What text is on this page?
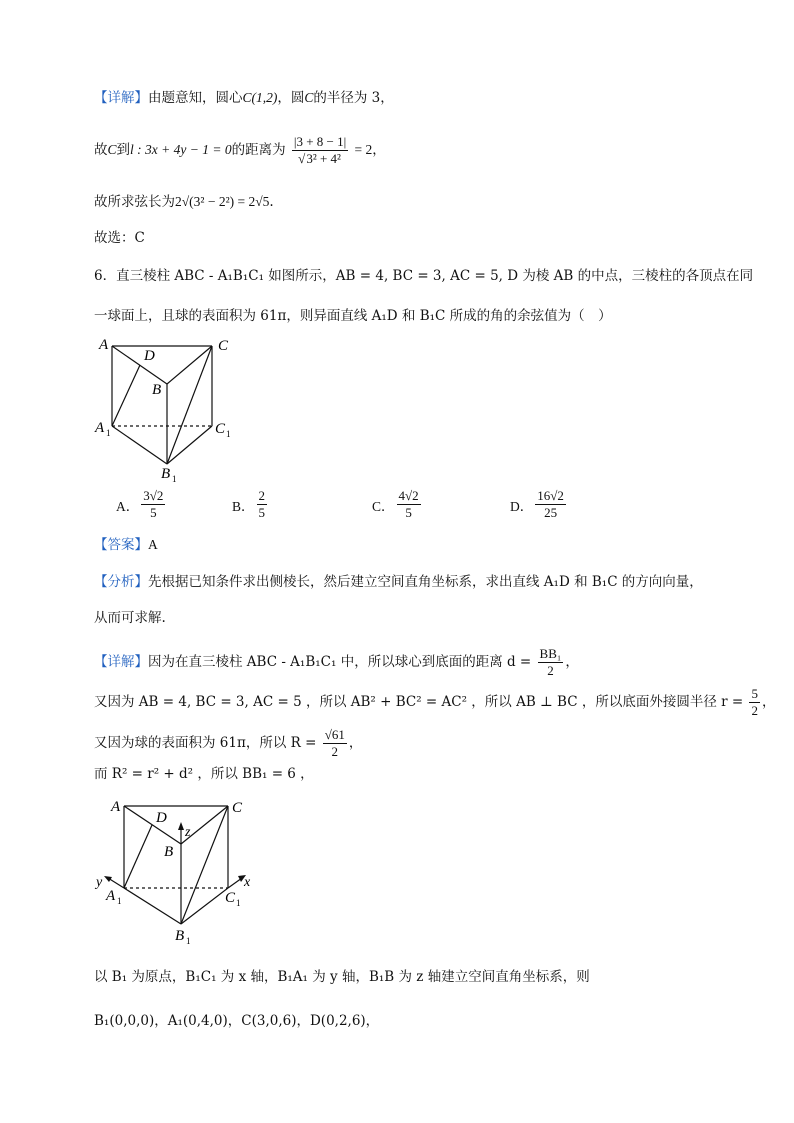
【详解】由题意知，圆心C(1,2)，圆C的半径为 3，
故C到l : 3x + 4y − 1 = 0的距离为 $\frac{|3 + 8 - 1|}{\text{√3² + 4²}} = 2$，
故所求弦长为2√(3² − 2²) = 2√5.
故选：C
6．直三棱柱 ABC - A₁B₁C₁ 如图所示，AB = 4, BC = 3, AC = 5, D 为棱 AB 的中点，三棱柱的各顶点在同
一球面上，且球的表面积为 61π，则异面直线 A₁D 和 B₁C 所成的角的余弦值为（　）
A
D
C
B
A 1	C 1
B 1
A． $\frac{3√2}{5}$	B． $\frac{2}{5}$	C． $\frac{4√2}{5}$	D． $\frac{16√2}{25}$
【答案】A
【分析】先根据已知条件求出侧棱长，然后建立空间直角坐标系，求出直线 A₁D 和 B₁C 的方向向量，
从而可求解.
【详解】因为在直三棱柱 ABC - A₁B₁C₁ 中，所以球心到底面的距离 $d = \frac{\text{BB₁}}{2}$ ，
又因为 AB = 4, BC = 3, AC = 5 ，所以 AB² + BC² = AC² ，所以 AB ⊥ BC ，所以底面外接圆半径 $r = \frac{5}{2}$ ，
又因为球的表面积为 61π，所以 $R = \frac{√61}{2}$ ，
而 R² = r² + d² ，所以 BB₁ = 6 ，
A
D
C
z
B
y	x
A 1	C 1
B 1
以 B₁ 为原点，B₁C₁ 为 x 轴，B₁A₁ 为 y 轴，B₁B 为 z 轴建立空间直角坐标系，则
B₁(0,0,0)，A₁(0,4,0)，C(3,0,6)，D(0,2,6)，
